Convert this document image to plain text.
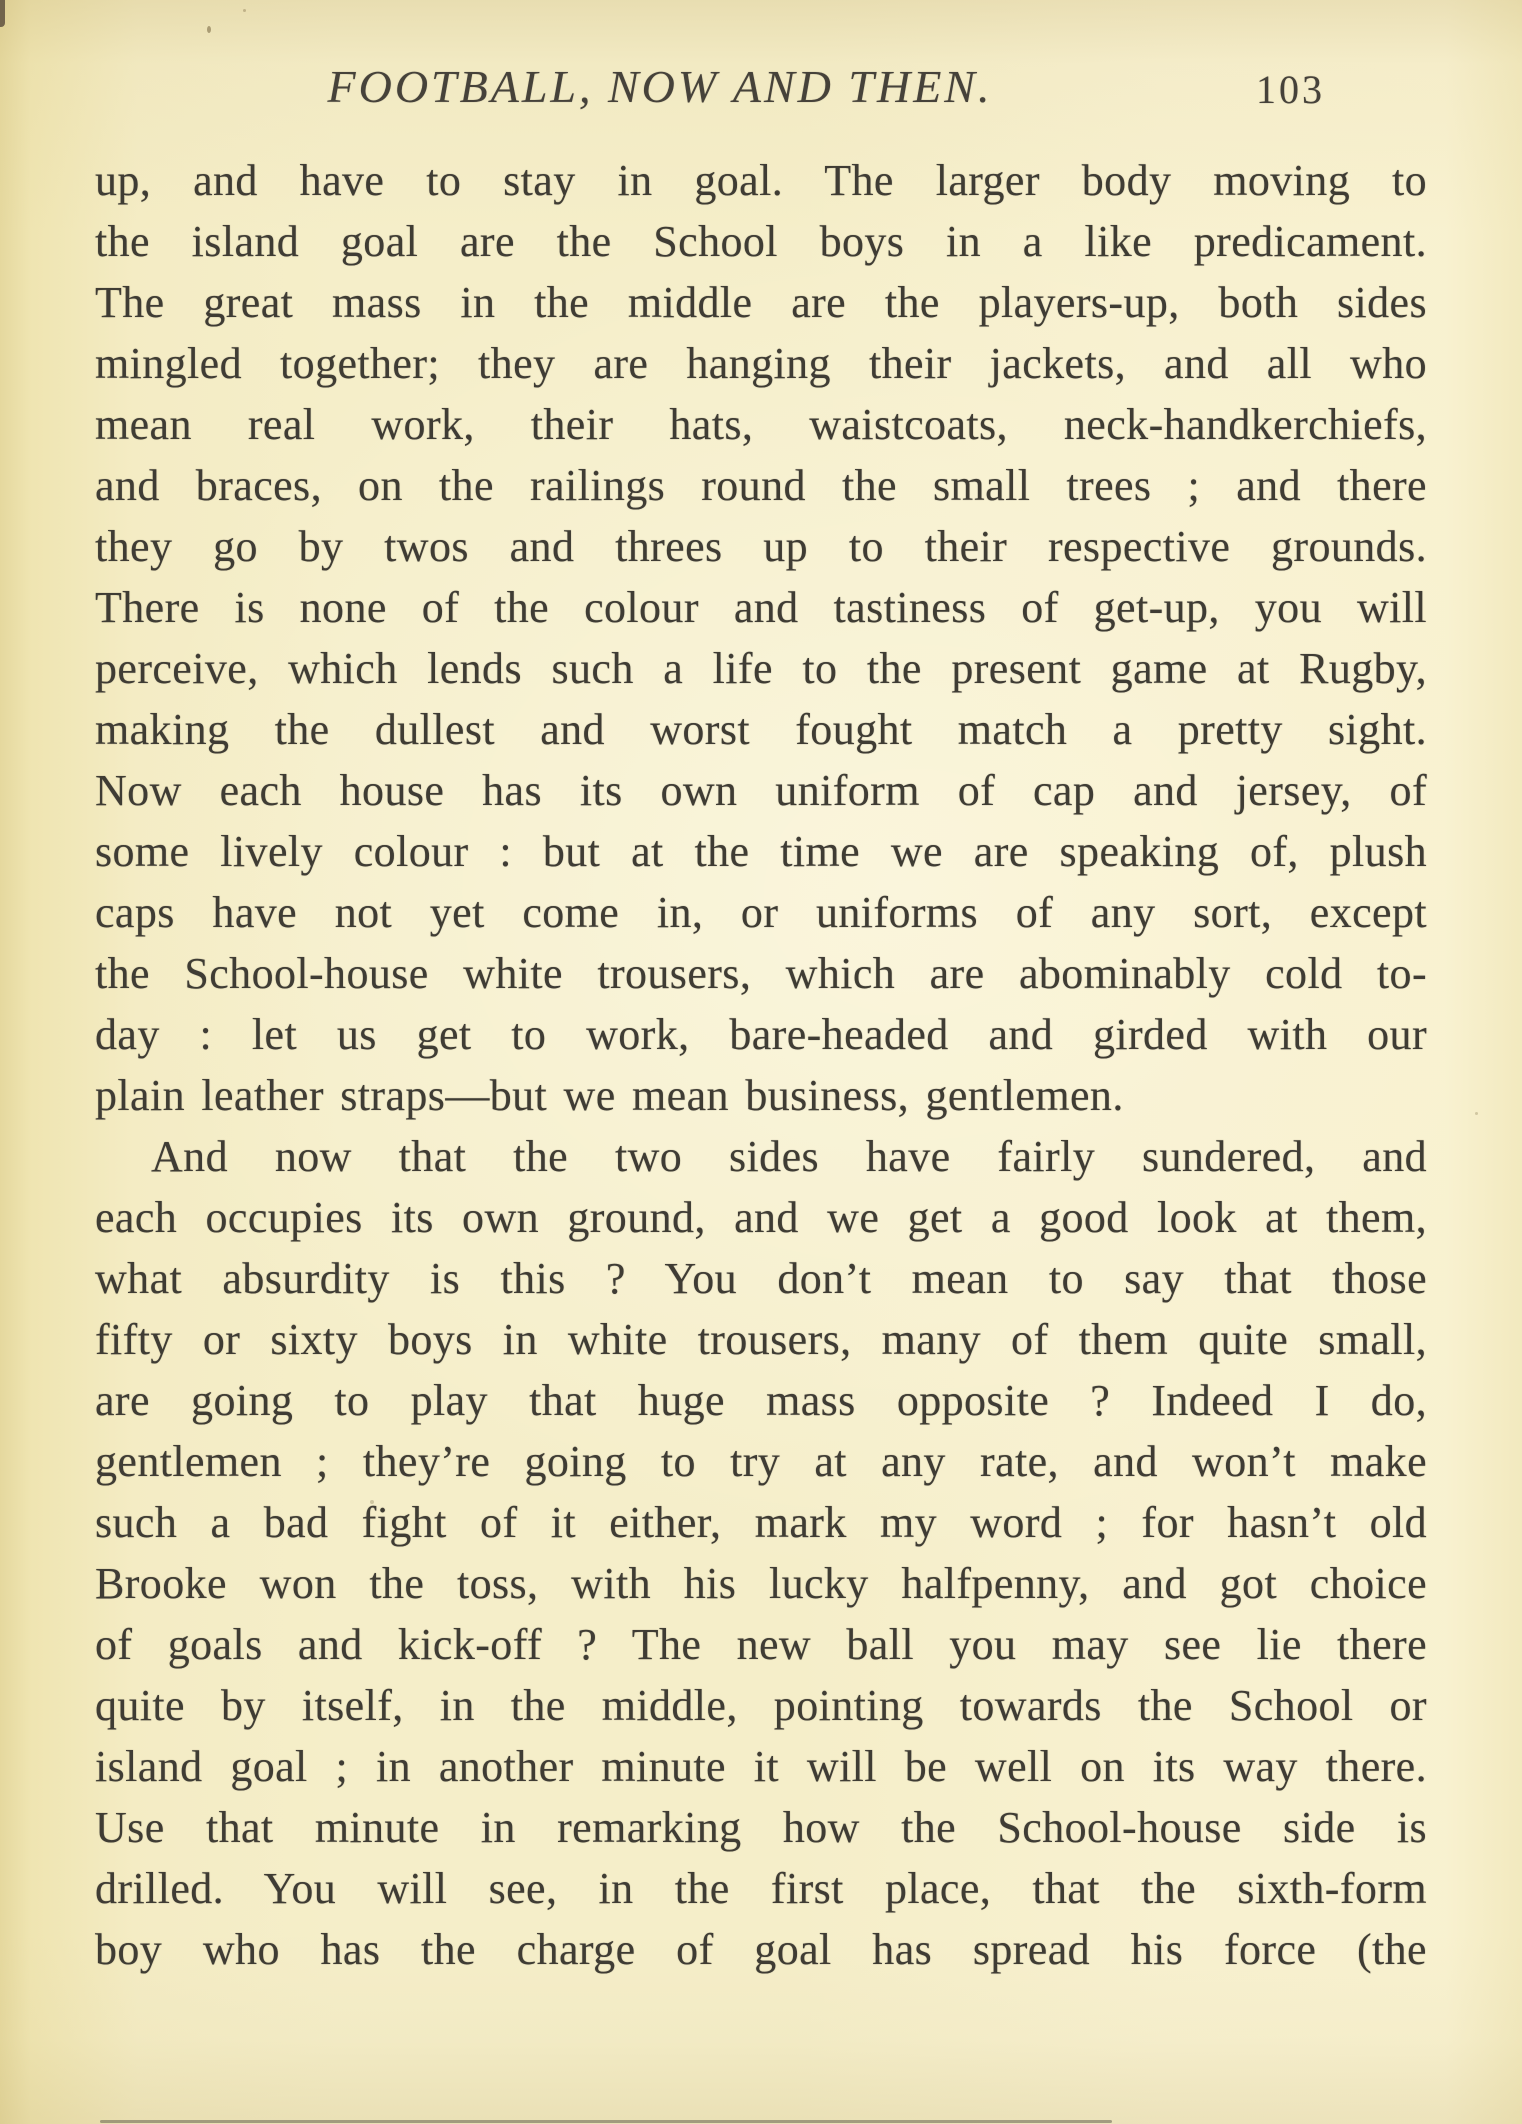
FOOTBALL, NOW AND THEN.	103
up, and have to stay in goal. The larger body moving to
the island goal are the School boys in a like predicament.
The great mass in the middle are the players-up, both sides
mingled together; they are hanging their jackets, and all who
mean real work, their hats, waistcoats, neck-handkerchiefs,
and braces, on the railings round the small trees ; and there
they go by twos and threes up to their respective grounds.
There is none of the colour and tastiness of get-up, you will
perceive, which lends such a life to the present game at Rugby,
making the dullest and worst fought match a pretty sight.
Now each house has its own uniform of cap and jersey, of
some lively colour : but at the time we are speaking of, plush
caps have not yet come in, or uniforms of any sort, except
the School-house white trousers, which are abominably cold to-
day : let us get to work, bare-headed and girded with our
plain leather straps—but we mean business, gentlemen.
And now that the two sides have fairly sundered, and
each occupies its own ground, and we get a good look at them,
what absurdity is this ? You don’t mean to say that those
fifty or sixty boys in white trousers, many of them quite small,
are going to play that huge mass opposite ? Indeed I do,
gentlemen ; they’re going to try at any rate, and won’t make
such a bad fight of it either, mark my word ; for hasn’t old
Brooke won the toss, with his lucky halfpenny, and got choice
of goals and kick-off ? The new ball you may see lie there
quite by itself, in the middle, pointing towards the School or
island goal ; in another minute it will be well on its way there.
Use that minute in remarking how the School-house side is
drilled. You will see, in the first place, that the sixth-form
boy who has the charge of goal has spread his force (the
